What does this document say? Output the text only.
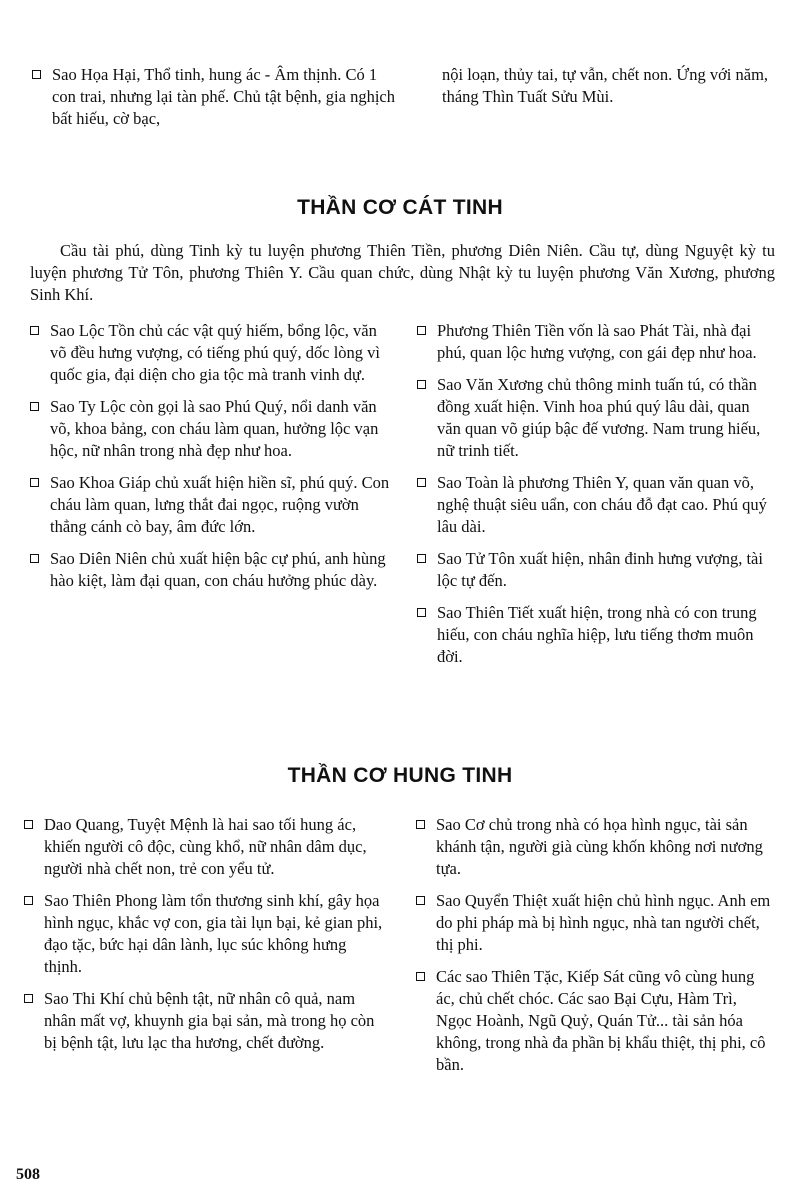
Sao Họa Hại, Thổ tinh, hung ác - Âm thịnh. Có 1 con trai, nhưng lại tàn phế. Chủ tật bệnh, gia nghịch bất hiếu, cờ bạc,
nội loạn, thủy tai, tự vẫn, chết non. Ứng với năm, tháng Thìn Tuất Sửu Mùi.
THẦN CƠ CÁT TINH
Cầu tài phú, dùng Tinh kỳ tu luyện phương Thiên Tiền, phương Diên Niên. Cầu tự, dùng Nguyệt kỳ tu luyện phương Tử Tôn, phương Thiên Y. Cầu quan chức, dùng Nhật kỳ tu luyện phương Văn Xương, phương Sinh Khí.
Sao Lộc Tồn chủ các vật quý hiếm, bổng lộc, văn võ đều hưng vượng, có tiếng phú quý, dốc lòng vì quốc gia, đại diện cho gia tộc mà tranh vinh dự.
Sao Ty Lộc còn gọi là sao Phú Quý, nổi danh văn võ, khoa bảng, con cháu làm quan, hưởng lộc vạn hộc, nữ nhân trong nhà đẹp như hoa.
Sao Khoa Giáp chủ xuất hiện hiền sĩ, phú quý. Con cháu làm quan, lưng thắt đai ngọc, ruộng vườn thẳng cánh cò bay, âm đức lớn.
Sao Diên Niên chủ xuất hiện bậc cự phú, anh hùng hào kiệt, làm đại quan, con cháu hưởng phúc dày.
Phương Thiên Tiền vốn là sao Phát Tài, nhà đại phú, quan lộc hưng vượng, con gái đẹp như hoa.
Sao Văn Xương chủ thông minh tuấn tú, có thần đồng xuất hiện. Vinh hoa phú quý lâu dài, quan văn quan võ giúp bậc đế vương. Nam trung hiếu, nữ trinh tiết.
Sao Toàn là phương Thiên Y, quan văn quan võ, nghệ thuật siêu uẩn, con cháu đỗ đạt cao. Phú quý lâu dài.
Sao Tử Tôn xuất hiện, nhân đinh hưng vượng, tài lộc tự đến.
Sao Thiên Tiết xuất hiện, trong nhà có con trung hiếu, con cháu nghĩa hiệp, lưu tiếng thơm muôn đời.
THẦN CƠ HUNG TINH
Dao Quang, Tuyệt Mệnh là hai sao tối hung ác, khiến người cô độc, cùng khổ, nữ nhân dâm dục, người nhà chết non, trẻ con yểu tử.
Sao Thiên Phong làm tổn thương sinh khí, gây họa hình ngục, khắc vợ con, gia tài lụn bại, kẻ gian phi, đạo tặc, bức hại dân lành, lục súc không hưng thịnh.
Sao Thi Khí chủ bệnh tật, nữ nhân cô quả, nam nhân mất vợ, khuynh gia bại sản, mà trong họ còn bị bệnh tật, lưu lạc tha hương, chết đường.
Sao Cơ chủ trong nhà có họa hình ngục, tài sản khánh tận, người già cùng khốn không nơi nương tựa.
Sao Quyển Thiệt xuất hiện chủ hình ngục. Anh em do phi pháp mà bị hình ngục, nhà tan người chết, thị phi.
Các sao Thiên Tặc, Kiếp Sát cũng vô cùng hung ác, chủ chết chóc. Các sao Bại Cựu, Hàm Trì, Ngọc Hoành, Ngũ Quỷ, Quán Tử... tài sản hóa không, trong nhà đa phần bị khẩu thiệt, thị phi, cô bần.
508
